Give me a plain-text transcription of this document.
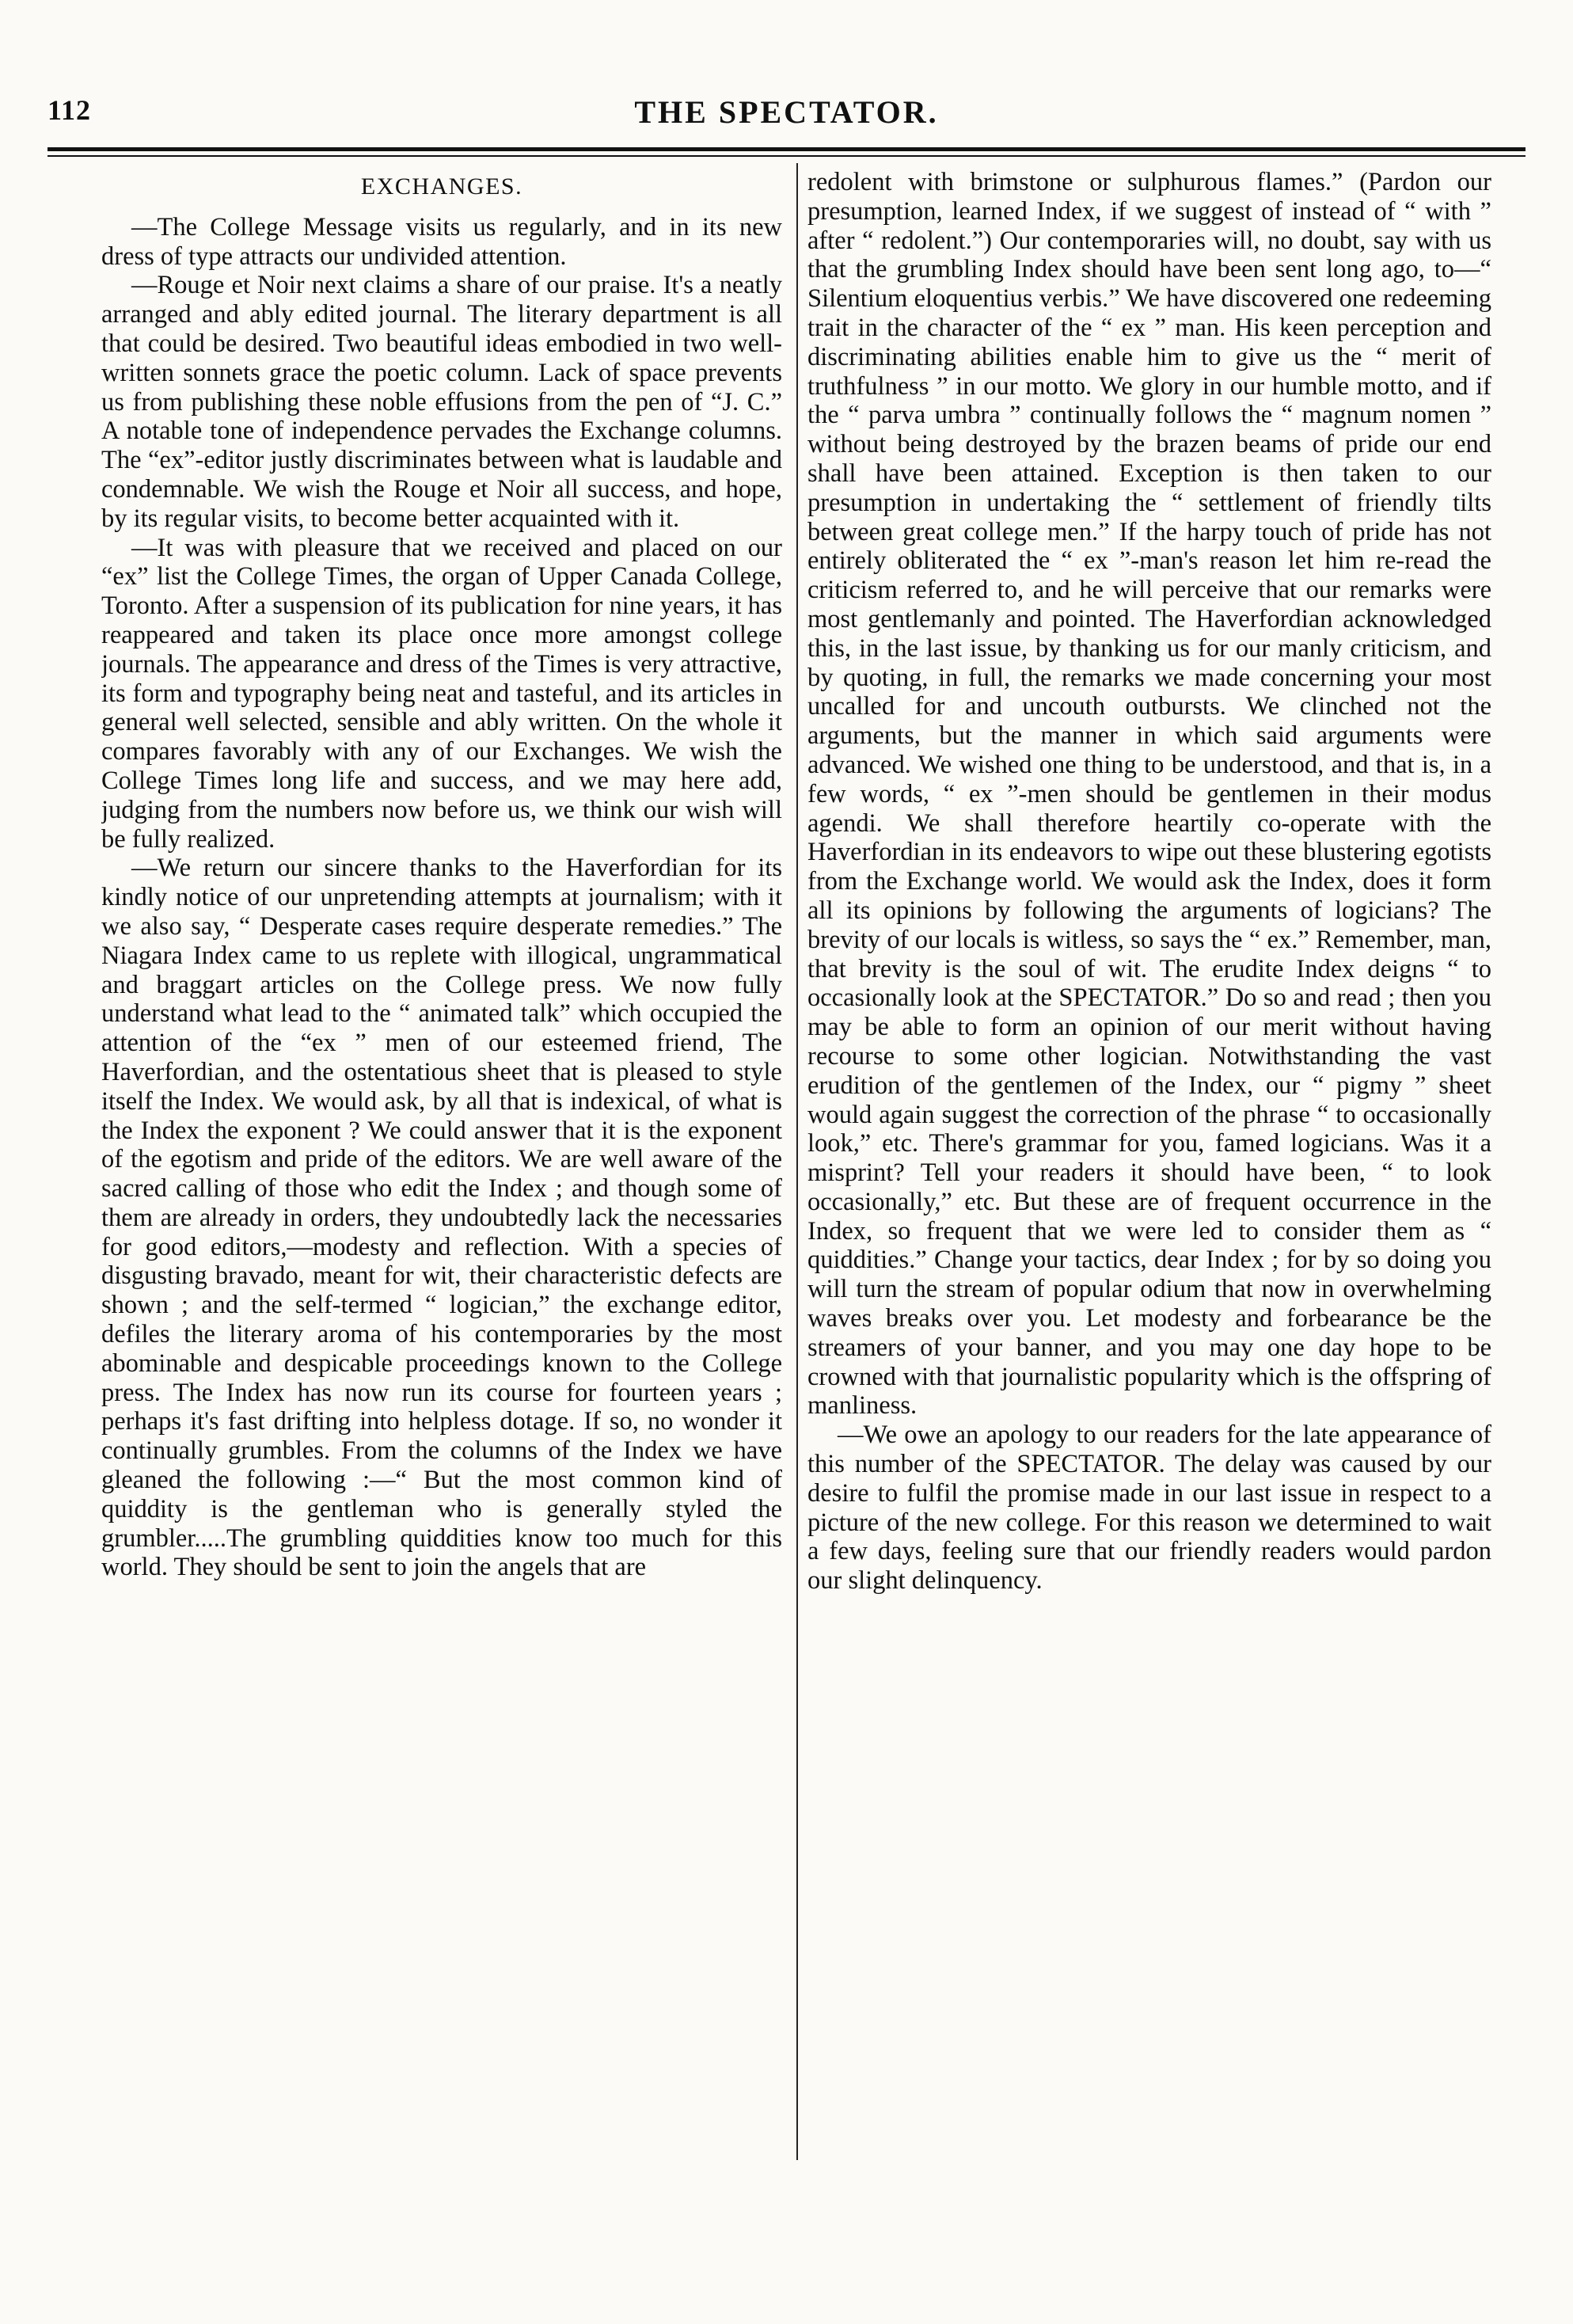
112	THE SPECTATOR.
EXCHANGES.

—The College Message visits us regularly, and in its new dress of type attracts our undivided attention.

—Rouge et Noir next claims a share of our praise. It's a neatly arranged and ably edited journal. The literary department is all that could be desired. Two beautiful ideas embodied in two well-written sonnets grace the poetic column. Lack of space prevents us from publishing these noble effusions from the pen of “J. C.” A notable tone of independence pervades the Exchange columns. The “ex”-editor justly discriminates between what is laudable and condemnable. We wish the Rouge et Noir all success, and hope, by its regular visits, to become better acquainted with it.

—It was with pleasure that we received and placed on our “ex” list the College Times, the organ of Upper Canada College, Toronto. After a suspension of its publication for nine years, it has reappeared and taken its place once more amongst college journals. The appearance and dress of the Times is very attractive, its form and typography being neat and tasteful, and its articles in general well selected, sensible and ably written. On the whole it compares favorably with any of our Exchanges. We wish the College Times long life and success, and we may here add, judging from the numbers now before us, we think our wish will be fully realized.

—We return our sincere thanks to the Haverfordian for its kindly notice of our unpretending attempts at journalism; with it we also say, “ Desperate cases require desperate remedies.” The Niagara Index came to us replete with illogical, ungrammatical and braggart articles on the College press. We now fully understand what lead to the “ animated talk” which occupied the attention of the “ex ” men of our esteemed friend, The Haverfordian, and the ostentatious sheet that is pleased to style itself the Index. We would ask, by all that is indexical, of what is the Index the exponent ? We could answer that it is the exponent of the egotism and pride of the editors. We are well aware of the sacred calling of those who edit the Index ; and though some of them are already in orders, they undoubtedly lack the necessaries for good editors,—modesty and reflection. With a species of disgusting bravado, meant for wit, their characteristic defects are shown ; and the self-termed “ logician,” the exchange editor, defiles the literary aroma of his contemporaries by the most abominable and despicable proceedings known to the College press. The Index has now run its course for fourteen years ; perhaps it's fast drifting into helpless dotage. If so, no wonder it continually grumbles. From the columns of the Index we have gleaned the following :—“ But the most common kind of quiddity is the gentleman who is generally styled the grumbler.....The grumbling quiddities know too much for this world. They should be sent to join the angels that are

redolent with brimstone or sulphurous flames.” (Pardon our presumption, learned Index, if we suggest of instead of “ with ” after “ redolent.”) Our contemporaries will, no doubt, say with us that the grumbling Index should have been sent long ago, to—“ Silentium eloquentius verbis.” We have discovered one redeeming trait in the character of the “ ex ” man. His keen perception and discriminating abilities enable him to give us the “ merit of truthfulness ” in our motto. We glory in our humble motto, and if the “ parva umbra ” continually follows the “ magnum nomen ” without being destroyed by the brazen beams of pride our end shall have been attained. Exception is then taken to our presumption in undertaking the “ settlement of friendly tilts between great college men.” If the harpy touch of pride has not entirely obliterated the “ ex ”-man's reason let him re-read the criticism referred to, and he will perceive that our remarks were most gentlemanly and pointed. The Haverfordian acknowledged this, in the last issue, by thanking us for our manly criticism, and by quoting, in full, the remarks we made concerning your most uncalled for and uncouth outbursts. We clinched not the arguments, but the manner in which said arguments were advanced. We wished one thing to be understood, and that is, in a few words, “ ex ”-men should be gentlemen in their modus agendi. We shall therefore heartily co-operate with the Haverfordian in its endeavors to wipe out these blustering egotists from the Exchange world. We would ask the Index, does it form all its opinions by following the arguments of logicians? The brevity of our locals is witless, so says the “ ex.” Remember, man, that brevity is the soul of wit. The erudite Index deigns “ to occasionally look at the SPECTATOR.” Do so and read ; then you may be able to form an opinion of our merit without having recourse to some other logician. Notwithstanding the vast erudition of the gentlemen of the Index, our “ pigmy ” sheet would again suggest the correction of the phrase “ to occasionally look,” etc. There's grammar for you, famed logicians. Was it a misprint? Tell your readers it should have been, “ to look occasionally,” etc. But these are of frequent occurrence in the Index, so frequent that we were led to consider them as “ quiddities.” Change your tactics, dear Index ; for by so doing you will turn the stream of popular odium that now in overwhelming waves breaks over you. Let modesty and forbearance be the streamers of your banner, and you may one day hope to be crowned with that journalistic popularity which is the offspring of manliness.

—We owe an apology to our readers for the late appearance of this number of the SPECTATOR. The delay was caused by our desire to fulfil the promise made in our last issue in respect to a picture of the new college. For this reason we determined to wait a few days, feeling sure that our friendly readers would pardon our slight delinquency.
